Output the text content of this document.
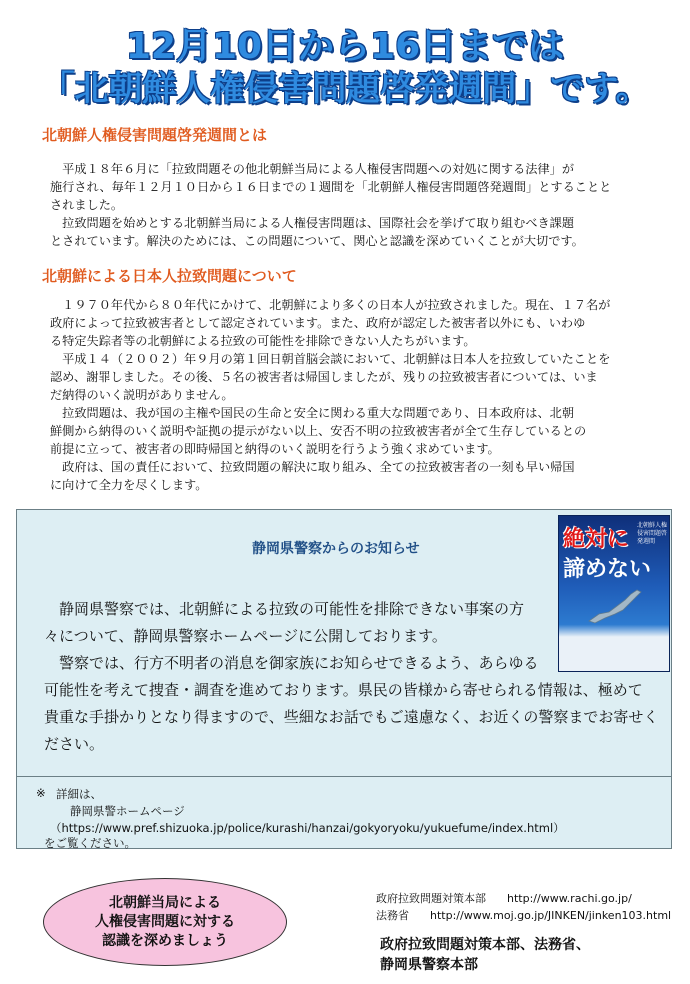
12月10日から16日までは
「北朝鮮人権侵害問題啓発週間」です。
北朝鮮人権侵害問題啓発週間とは
　平成１８年６月に「拉致問題その他北朝鮮当局による人権侵害問題への対処に関する法律」が
施行され、毎年１２月１０日から１６日までの１週間を「北朝鮮人権侵害問題啓発週間」とすることと
されました。
　拉致問題を始めとする北朝鮮当局による人権侵害問題は、国際社会を挙げて取り組むべき課題
とされています。解決のためには、この問題について、関心と認識を深めていくことが大切です。
北朝鮮による日本人拉致問題について
　１９７０年代から８０年代にかけて、北朝鮮により多くの日本人が拉致されました。現在、１７名が
政府によって拉致被害者として認定されています。また、政府が認定した被害者以外にも、いわゆ
る特定失踪者等の北朝鮮による拉致の可能性を排除できない人たちがいます。
　平成１４（２００２）年９月の第１回日朝首脳会談において、北朝鮮は日本人を拉致していたことを
認め、謝罪しました。その後、５名の被害者は帰国しましたが、残りの拉致被害者については、いま
だ納得のいく説明がありません。
　拉致問題は、我が国の主権や国民の生命と安全に関わる重大な問題であり、日本政府は、北朝
鮮側から納得のいく説明や証拠の提示がない以上、安否不明の拉致被害者が全て生存しているとの
前提に立って、被害者の即時帰国と納得のいく説明を行うよう強く求めています。
　政府は、国の責任において、拉致問題の解決に取り組み、全ての拉致被害者の一刻も早い帰国
に向けて全力を尽くします。
静岡県警察からのお知らせ
　静岡県警察では、北朝鮮による拉致の可能性を排除できない事案の方
々について、静岡県警察ホームページに公開しております。
　警察では、行方不明者の消息を御家族にお知らせできるよう、あらゆる
可能性を考えて捜査・調査を進めております。県民の皆様から寄せられる情報は、極めて
貴重な手掛かりとなり得ますので、些細なお話でもご遠慮なく、お近くの警察までお寄せく
ださい。
絶対に
諦めない
北朝鮮人権侵害問題啓発週間
※ 詳細は、
静岡県警ホームページ
（https://www.pref.shizuoka.jp/police/kurashi/hanzai/gokyoryoku/yukuefume/index.html）
をご覧ください。
北朝鮮当局による
人権侵害問題に対する
認識を深めましょう
政府拉致問題対策本部 http://www.rachi.go.jp/
法務省 http://www.moj.go.jp/JINKEN/jinken103.html
政府拉致問題対策本部、法務省、
静岡県警察本部
